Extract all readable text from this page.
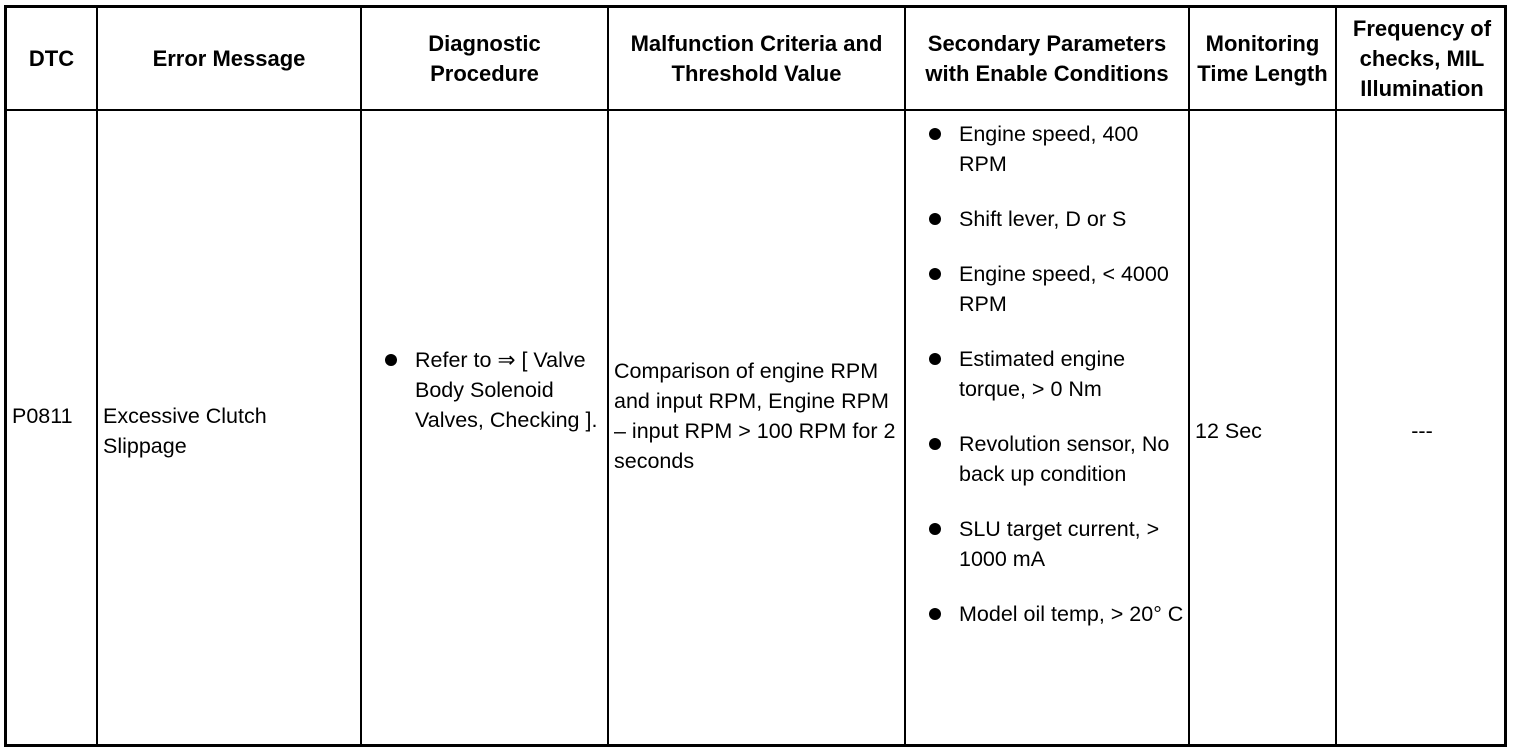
DTC	Error Message
Diagnostic Procedure
Malfunction Criteria and Threshold Value
Secondary Parameters with Enable Conditions
Monitoring Time Length
Frequency of checks, MIL Illumination
P0811 Excessive Clutch Slippage
Refer to ⇒ [ Valve Body Solenoid Valves, Checking ].
Comparison of engine RPM and input RPM, Engine RPM – input RPM > 100 RPM for 2 seconds
Engine speed, 400 RPM
Shift lever, D or S
Engine speed, < 4000 RPM
Estimated engine torque, > 0 Nm
Revolution sensor, No back up condition
SLU target current, > 1000 mA
Model oil temp, > 20° C
12 Sec	---
